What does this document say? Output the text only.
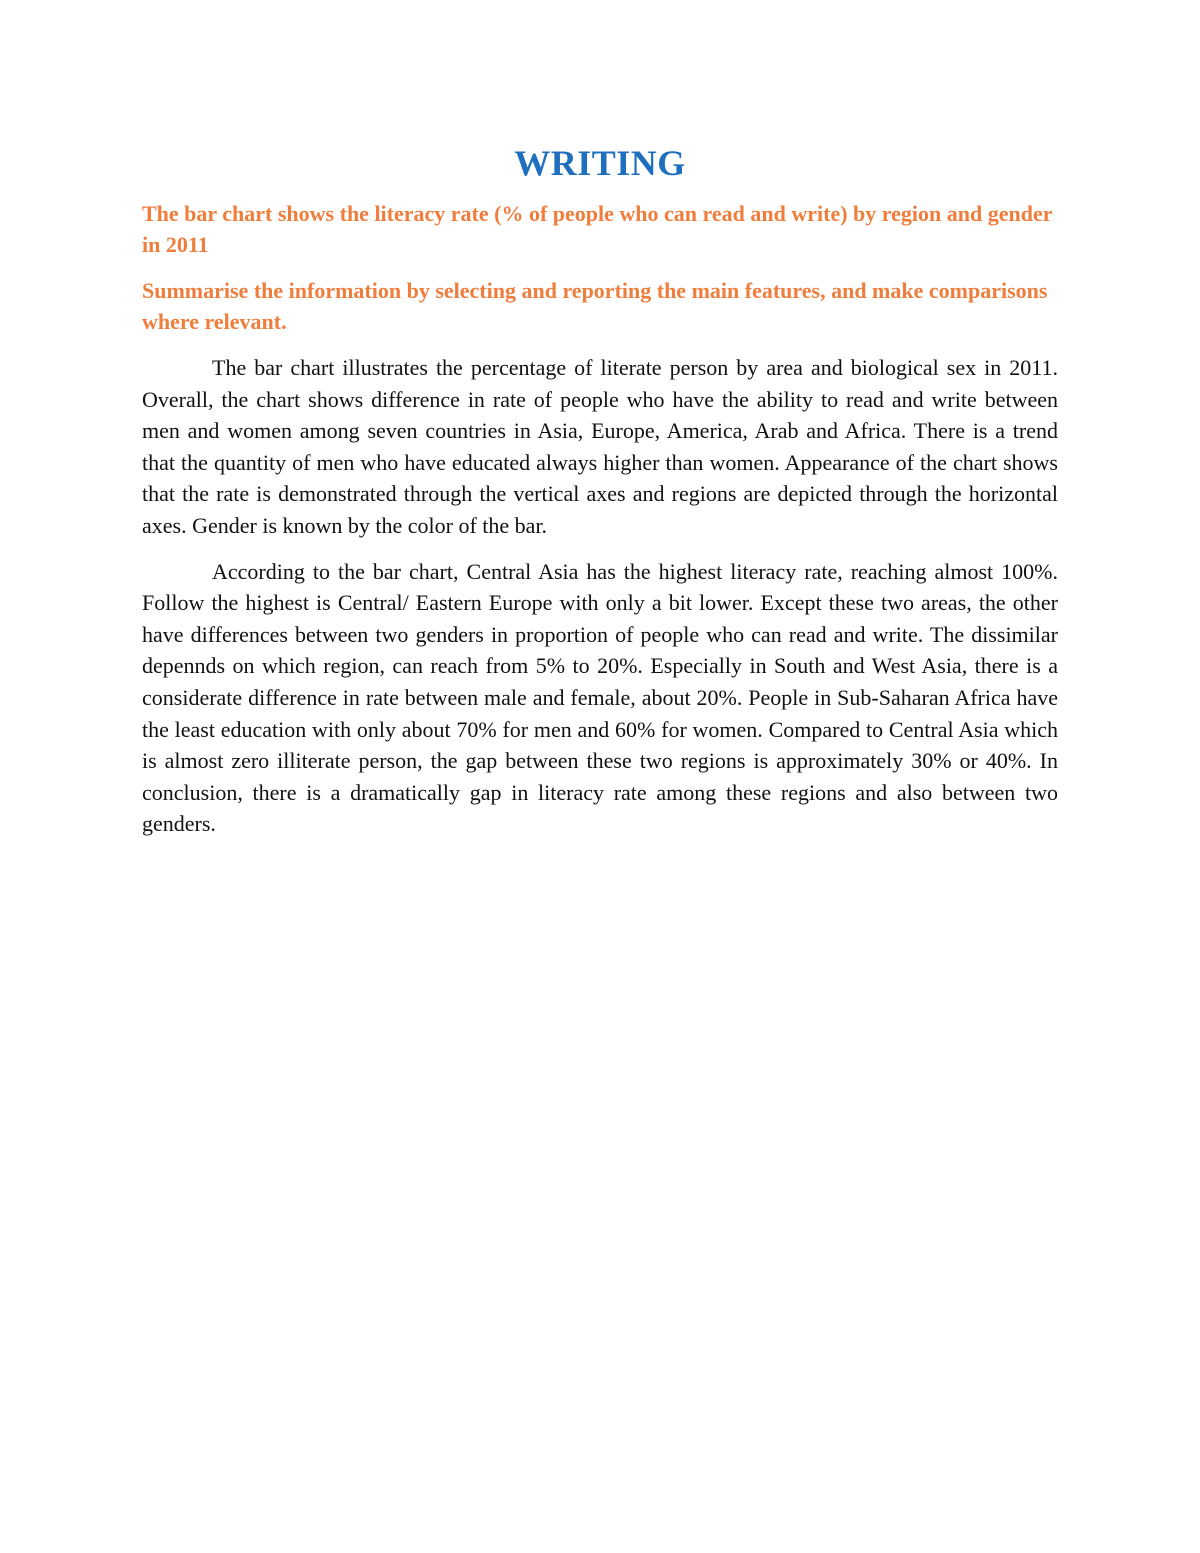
WRITING

The bar chart shows the literacy rate (% of people who can read and write) by region and gender in 2011

Summarise the information by selecting and reporting the main features, and make comparisons where relevant.

The bar chart illustrates the percentage of literate person by area and biological sex in 2011. Overall, the chart shows difference in rate of people who have the ability to read and write between men and women among seven countries in Asia, Europe, America, Arab and Africa. There is a trend that the quantity of men who have educated always higher than women. Appearance of the chart shows that the rate is demonstrated through the vertical axes and regions are depicted through the horizontal axes. Gender is known by the color of the bar.

According to the bar chart, Central Asia has the highest literacy rate, reaching almost 100%. Follow the highest is Central/ Eastern Europe with only a bit lower. Except these two areas, the other have differences between two genders in proportion of people who can read and write. The dissimilar depennds on which region, can reach from 5% to 20%. Especially in South and West Asia, there is a considerate difference in rate between male and female, about 20%. People in Sub-Saharan Africa have the least education with only about 70% for men and 60% for women. Compared to Central Asia which is almost zero illiterate person, the gap between these two regions is approximately 30% or 40%. In conclusion, there is a dramatically gap in literacy rate among these regions and also between two genders.
